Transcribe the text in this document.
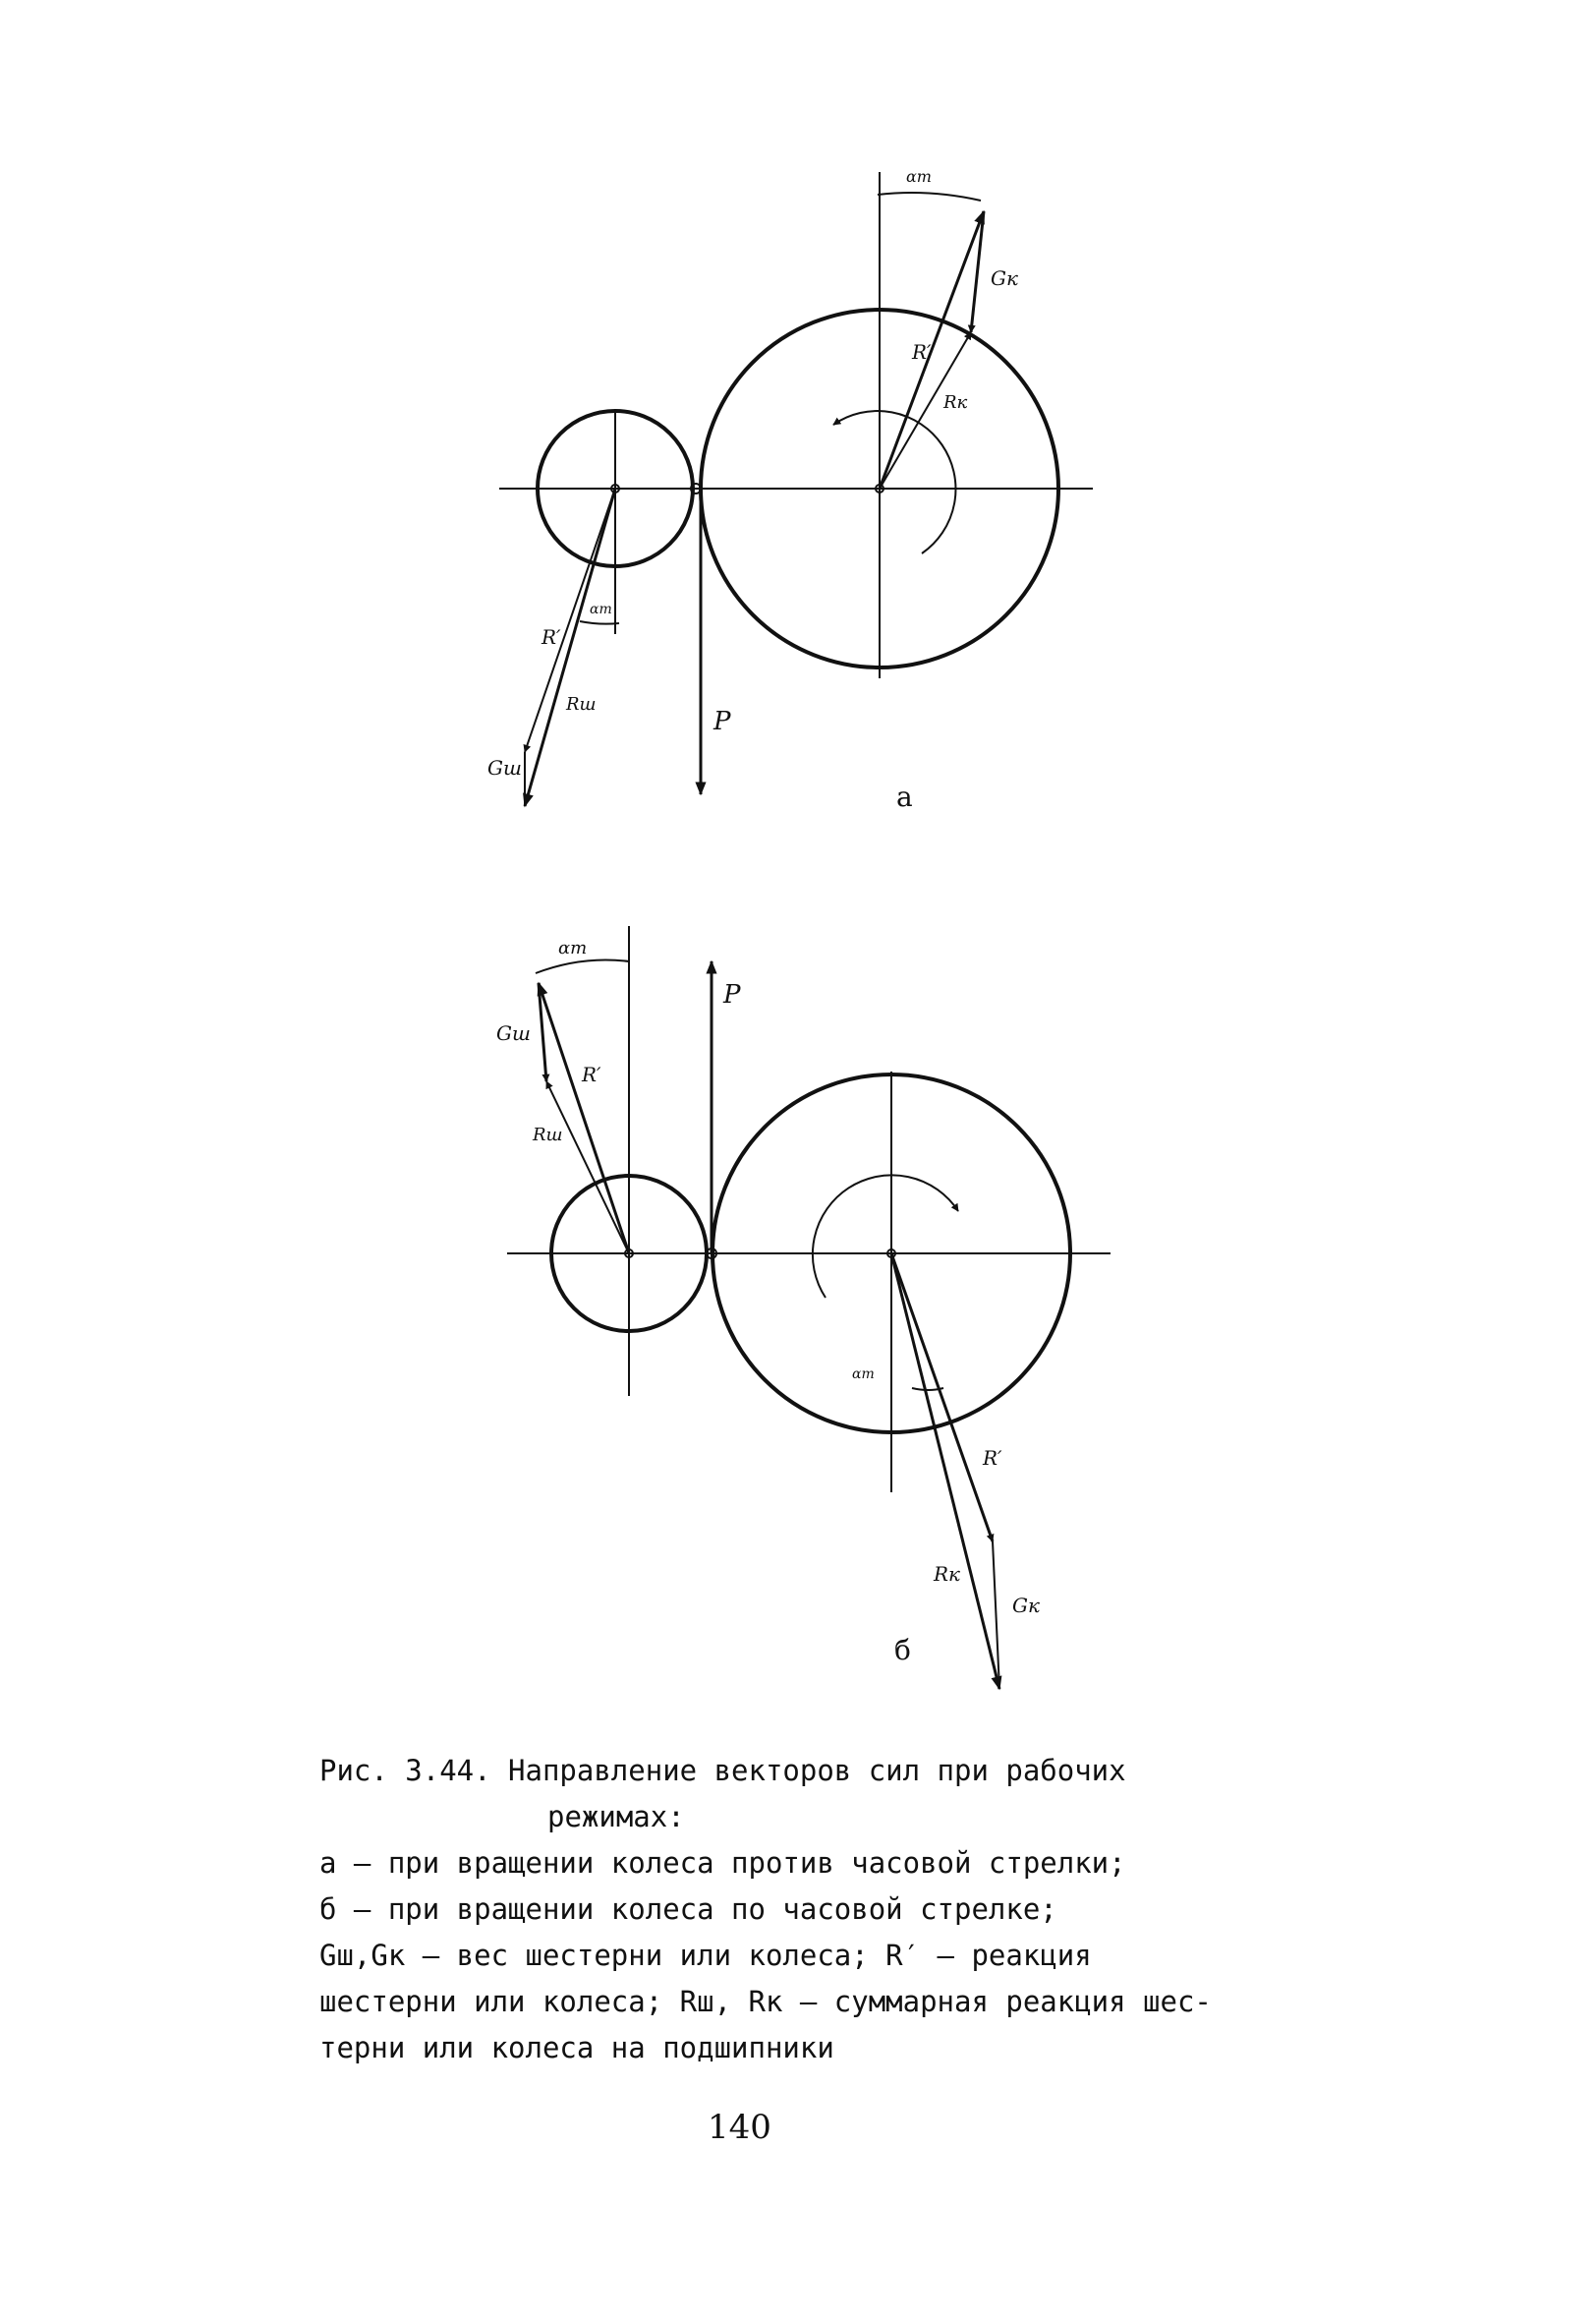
αm
Gк
R′
Rк
R′
αm
Rш
Gш
P
а
αm
P
Gш
R′
Rш
αm
R′
Rк
Gк
б
Рис. 3.44. Направление векторов сил при рабочих
режимах:
а – при вращении колеса против часовой стрелки;
б – при вращении колеса по часовой стрелке;
Gш,Gк – вес шестерни или колеса; R′ – реакция
шестерни или колеса; Rш, Rк – суммарная реакция шес-
терни или колеса на подшипники
140
